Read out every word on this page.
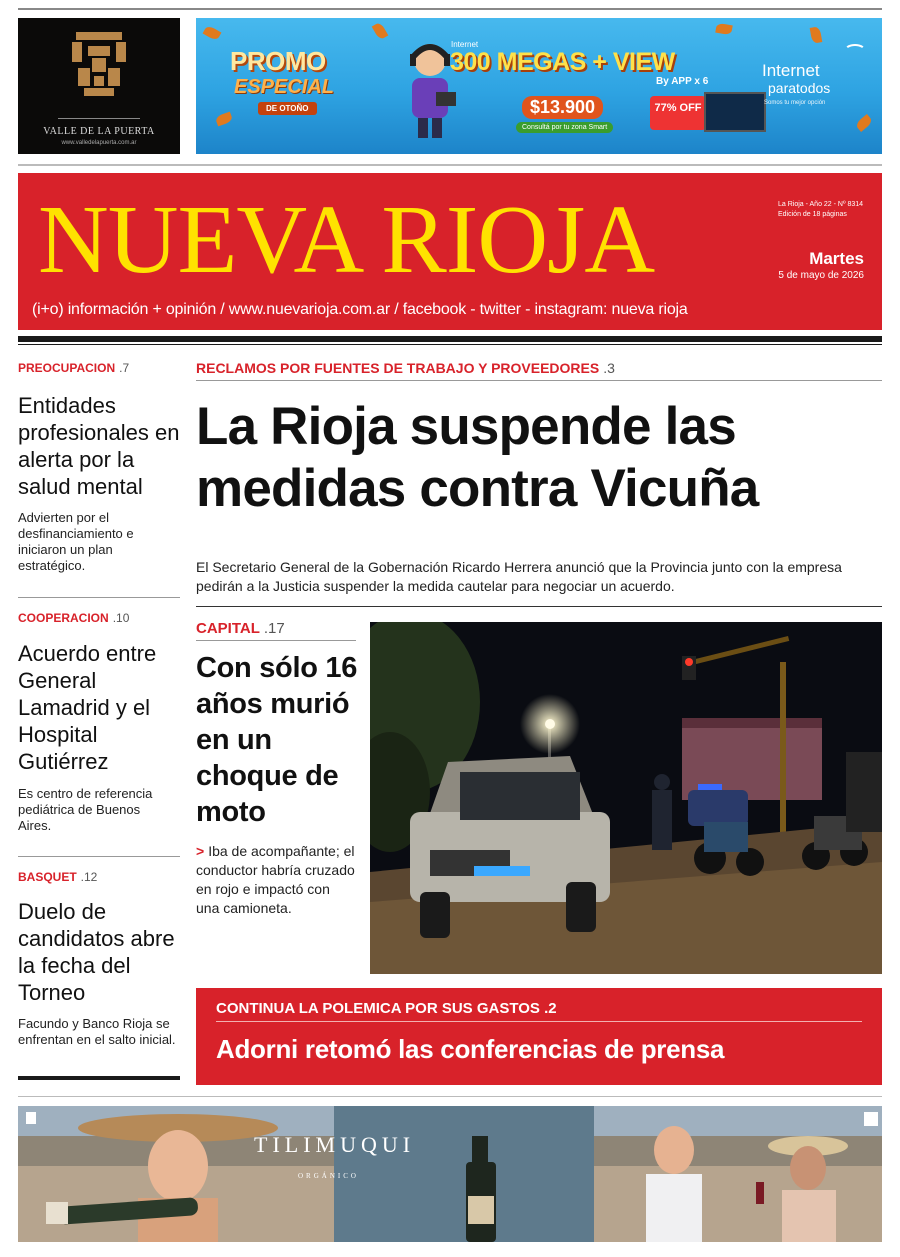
VALLE DE LA PUERTA
www.valledelapuerta.com.ar
PROMO
ESPECIAL
DE OTOÑO
Internet
300 MEGAS + VIEW
By APP x 6
$13.900
Consultá por tu zona Smart
77% OFF
Internet
paratodos
Somos tu mejor opción
NUEVA RIOJA	La Rioja - Año 22 - Nº 8314
Edición de 18 páginas
Martes
5 de mayo de 2026
(i+o) información + opinión / www.nuevarioja.com.ar / facebook - twitter - instagram: nueva rioja
PREOCUPACION .7
Entidades profesionales en alerta por la salud mental
Advierten por el desfinanciamiento e iniciaron un plan estratégico.
COOPERACION .10
Acuerdo entre General Lamadrid y el Hospital Gutiérrez
Es centro de referencia pediátrica de Buenos Aires.
BASQUET .12
Duelo de candidatos abre la fecha del Torneo
Facundo y Banco Rioja se enfrentan en el salto inicial.
RECLAMOS POR FUENTES DE TRABAJO Y PROVEEDORES .3
La Rioja suspende las medidas contra Vicuña
El Secretario General de la Gobernación Ricardo Herrera anunció que la Provincia junto con la empresa pedirán a la Justicia suspender la medida cautelar para negociar un acuerdo.
CAPITAL .17
Con sólo 16 años murió en un choque de moto
> Iba de acompañante; el conductor habría cruzado en rojo e impactó con una camioneta.
CONTINUA LA POLEMICA POR SUS GASTOS .2
Adorni retomó las conferencias de prensa
TILIMUQUI
ORGÁNICO
